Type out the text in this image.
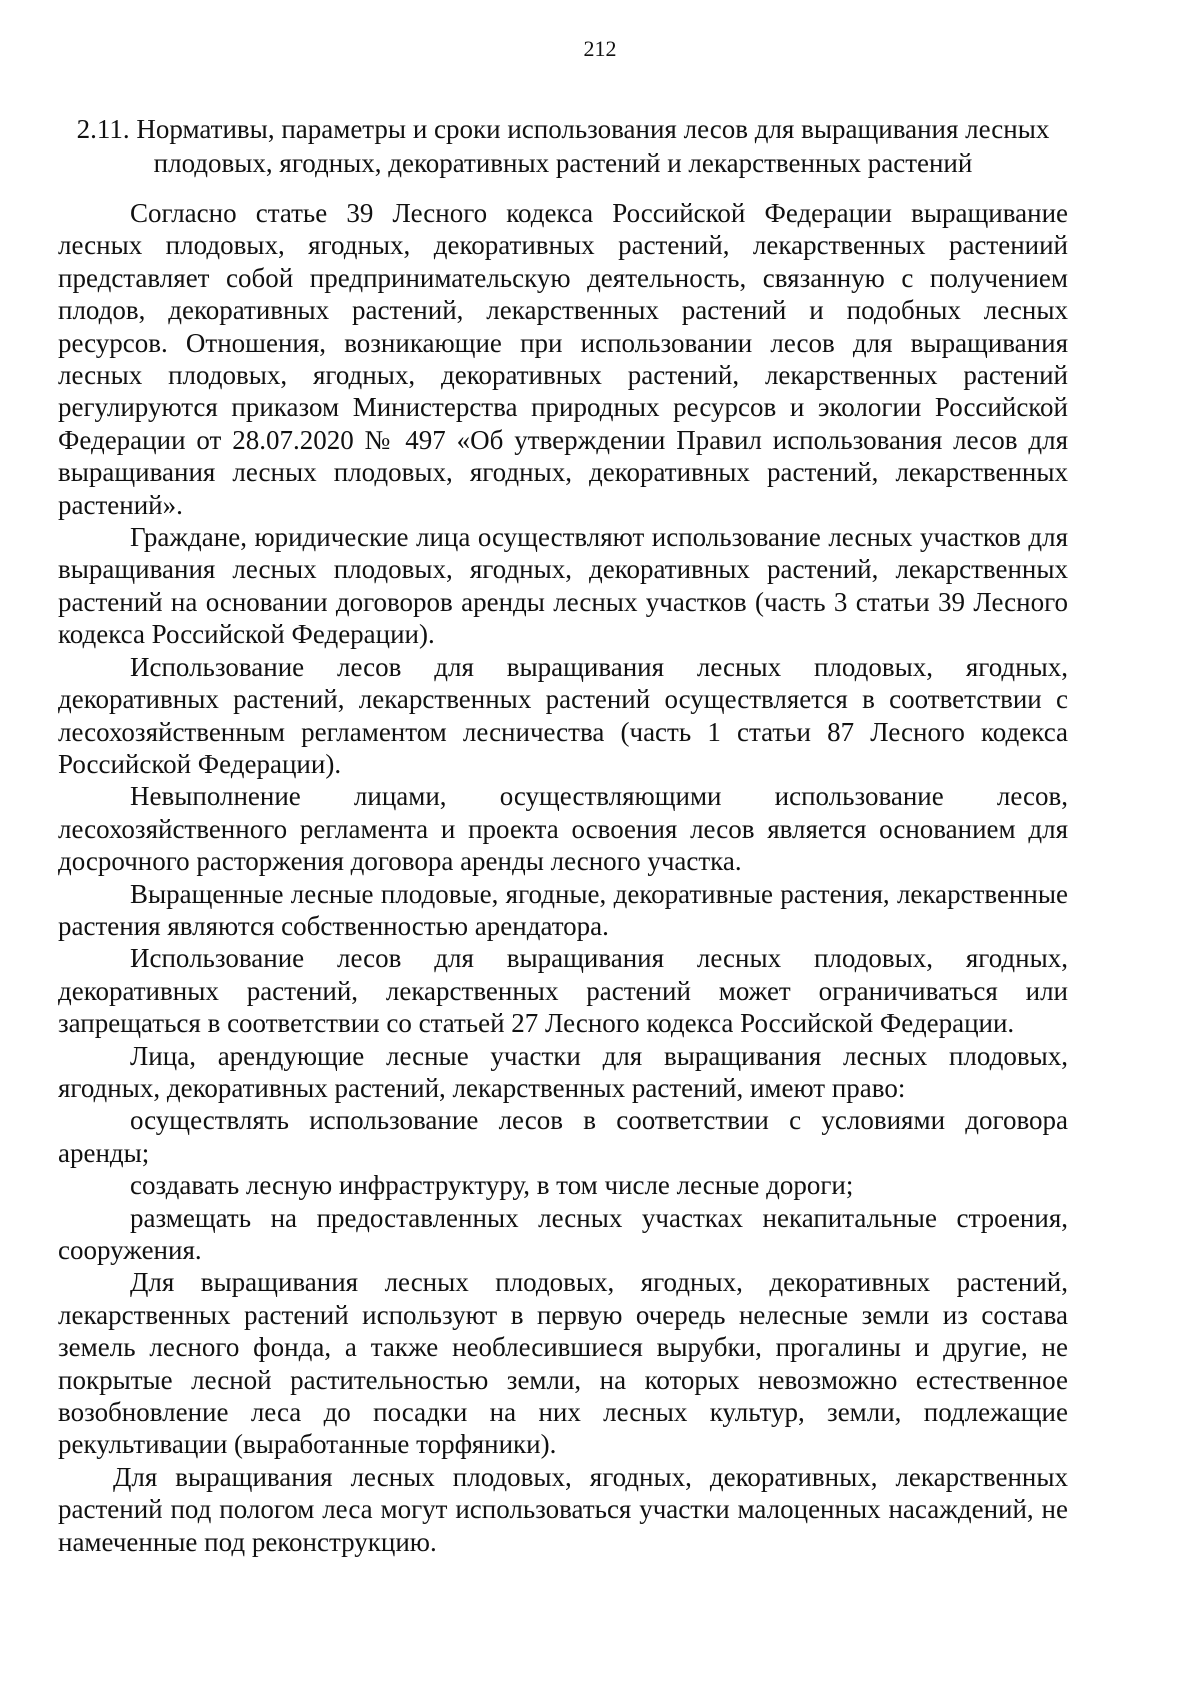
212
2.11. Нормативы, параметры и сроки использования лесов для выращивания лесных плодовых, ягодных, декоративных растений и лекарственных растений

Согласно статье 39 Лесного кодекса Российской Федерации выращивание лесных плодовых, ягодных, декоративных растений, лекарственных растениий представляет собой предпринимательскую деятельность, связанную с получением плодов, декоративных растений, лекарственных растений и подобных лесных ресурсов. Отношения, возникающие при использовании лесов для выращивания лесных плодовых, ягодных, декоративных растений, лекарственных растений регулируются приказом Министерства природных ресурсов и экологии Российской Федерации от 28.07.2020 № 497 «Об утверждении Правил использования лесов для выращивания лесных плодовых, ягодных, декоративных растений, лекарственных растений».

Граждане, юридические лица осуществляют использование лесных участков для выращивания лесных плодовых, ягодных, декоративных растений, лекарственных растений на основании договоров аренды лесных участков (часть 3 статьи 39 Лесного кодекса Российской Федерации).

Использование лесов для выращивания лесных плодовых, ягодных, декоративных растений, лекарственных растений осуществляется в соответствии с лесохозяйственным регламентом лесничества (часть 1 статьи 87 Лесного кодекса Российской Федерации).

Невыполнение лицами, осуществляющими использование лесов, лесохозяйственного регламента и проекта освоения лесов является основанием для досрочного расторжения договора аренды лесного участка.

Выращенные лесные плодовые, ягодные, декоративные растения, лекарственные растения являются собственностью арендатора.

Использование лесов для выращивания лесных плодовых, ягодных, декоративных растений, лекарственных растений может ограничиваться или запрещаться в соответствии со статьей 27 Лесного кодекса Российской Федерации.

Лица, арендующие лесные участки для выращивания лесных плодовых, ягодных, декоративных растений, лекарственных растений, имеют право:

осуществлять использование лесов в соответствии с условиями договора аренды;

создавать лесную инфраструктуру, в том числе лесные дороги;

размещать на предоставленных лесных участках некапитальные строения, сооружения.

Для выращивания лесных плодовых, ягодных, декоративных растений, лекарственных растений используют в первую очередь нелесные земли из состава земель лесного фонда, а также необлесившиеся вырубки, прогалины и другие, не покрытые лесной растительностью земли, на которых невозможно естественное возобновление леса до посадки на них лесных культур, земли, подлежащие рекультивации (выработанные торфяники).

Для выращивания лесных плодовых, ягодных, декоративных, лекарственных растений под пологом леса могут использоваться участки малоценных насаждений, не намеченные под реконструкцию.
